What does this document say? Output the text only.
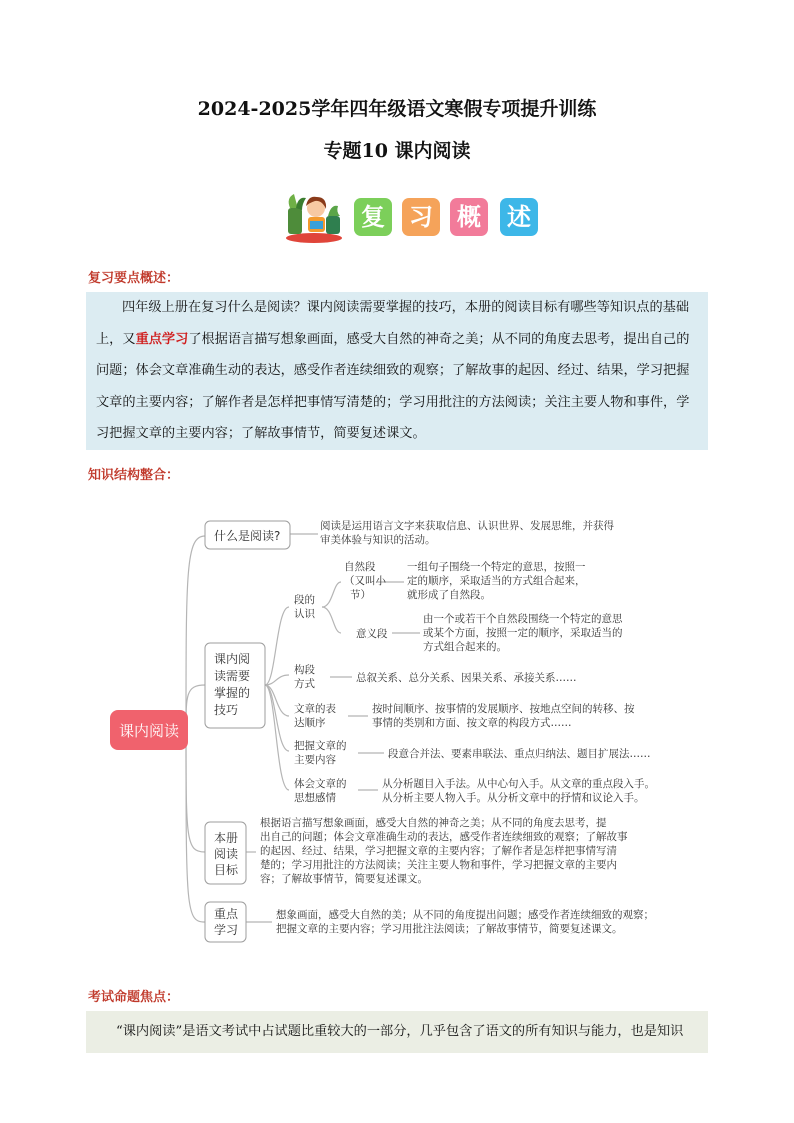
2024-2025学年四年级语文寒假专项提升训练
专题10 课内阅读
复 习 概 述
复习要点概述：
四年级上册在复习什么是阅读？课内阅读需要掌握的技巧，本册的阅读目标有哪些等知识点的基础上，又重点学习了根据语言描写想象画面，感受大自然的神奇之美；从不同的角度去思考，提出自己的问题；体会文章准确生动的表达，感受作者连续细致的观察；了解故事的起因、经过、结果，学习把握文章的主要内容；了解作者是怎样把事情写清楚的；学习用批注的方法阅读；关注主要人物和事件，学习把握文章的主要内容；了解故事情节，简要复述课文。
知识结构整合：
课内阅读
什么是阅读?
课内阅 读需要 掌握的 技巧
本册 阅读 目标
重点 学习
阅读是运用语言文字来获取信息、认识世界、发展思维，并获得 审美体验与知识的活动。
段的 认识
自然段 （又叫小 节）
一组句子围绕一个特定的意思，按照一 定的顺序，采取适当的方式组合起来， 就形成了自然段。
意义段
由一个或若干个自然段围绕一个特定的意思 或某个方面，按照一定的顺序，采取适当的 方式组合起来的。
构段 方式	总叙关系、总分关系、因果关系、承接关系……
文章的表 达顺序
按时间顺序、按事情的发展顺序、按地点空间的转移、按 事情的类别和方面、按文章的构段方式……
把握文章的 主要内容	段意合并法、要素串联法、重点归纳法、题目扩展法……
体会文章的 思想感情
从分析题目入手法。从中心句入手。从文章的重点段入手。 从分析主要人物入手。从分析文章中的抒情和议论入手。
根据语言描写想象画面，感受大自然的神奇之美；从不同的角度去思考，提 出自己的问题；体会文章准确生动的表达，感受作者连续细致的观察；了解故事 的起因、经过、结果，学习把握文章的主要内容；了解作者是怎样把事情写清 楚的；学习用批注的方法阅读；关注主要人物和事件，学习把握文章的主要内 容；了解故事情节，简要复述课文。
想象画面，感受大自然的美；从不同的角度提出问题；感受作者连续细致的观察； 把握文章的主要内容；学习用批注法阅读；了解故事情节，简要复述课文。
考试命题焦点：
“课内阅读”是语文考试中占试题比重较大的一部分，几乎包含了语文的所有知识与能力，也是知识
